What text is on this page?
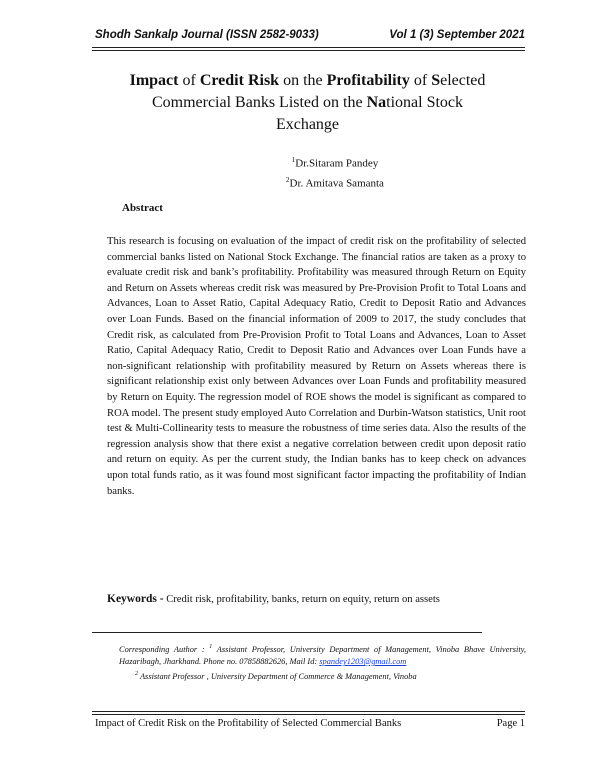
Shodh Sankalp Journal (ISSN 2582-9033)	Vol 1 (3) September 2021
Impact of Credit Risk on the Profitability of Selected Commercial Banks Listed on the National Stock
Exchange
$^1$Dr.Sitaram Pandey
$^2$Dr. Amitava Samanta
Abstract
This research is focusing on evaluation of the impact of credit risk on the profitability of selected commercial banks listed on National Stock Exchange. The financial ratios are taken as a proxy to evaluate credit risk and bank’s profitability. Profitability was measured through Return on Equity and Return on Assets whereas credit risk was measured by Pre-Provision Profit to Total Loans and Advances, Loan to Asset Ratio, Capital Adequacy Ratio, Credit to Deposit Ratio and Advances over Loan Funds. Based on the financial information of 2009 to 2017, the study concludes that Credit risk, as calculated from Pre-Provision Profit to Total Loans and Advances, Loan to Asset Ratio, Capital Adequacy Ratio, Credit to Deposit Ratio and Advances over Loan Funds have a non-significant relationship with profitability measured by Return on Assets whereas there is significant relationship exist only between Advances over Loan Funds and profitability measured by Return on Equity. The regression model of ROE shows the model is significant as compared to ROA model. The present study employed Auto Correlation and Durbin-Watson statistics, Unit root test & Multi-Collinearity tests to measure the robustness of time series data. Also the results of the regression analysis show that there exist a negative correlation between credit upon deposit ratio and return on equity. As per the current study, the Indian banks has to keep check on advances upon total funds ratio, as it was found most significant factor impacting the profitability of Indian banks.
Keywords - Credit risk, profitability, banks, return on equity, return on assets
Corresponding Author : $^1$ Assistant Professor, University Department of Management, Vinoba Bhave University, Hazaribagh, Jharkhand. Phone no. 07858882626, Mail Id: spandey1203@gmail.com
$^2$ Assistant Professor , University Department of Commerce & Management, Vinoba
Impact of Credit Risk on the Profitability of Selected Commercial Banks	Page 1
